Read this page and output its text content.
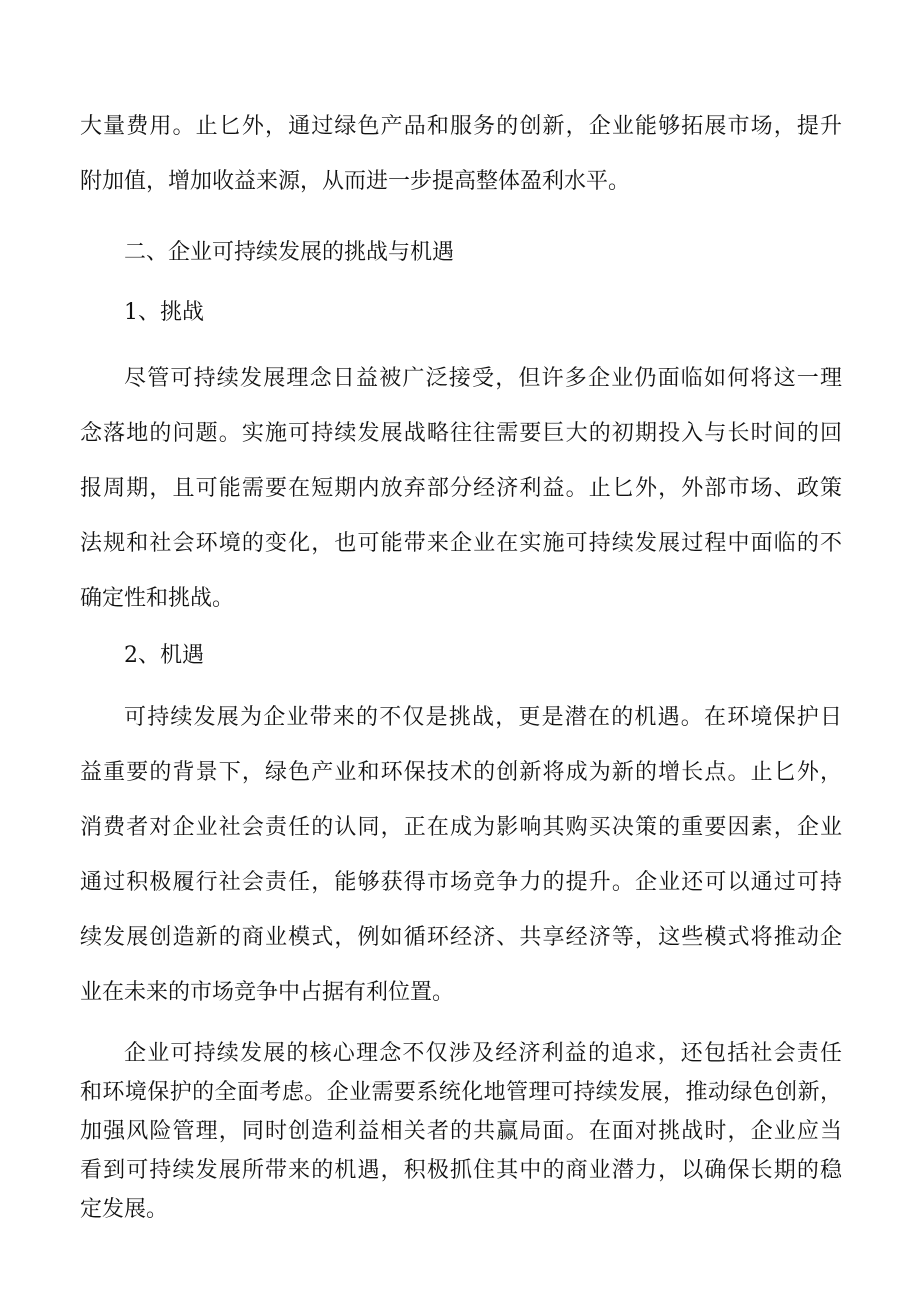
大量费用。止匕外，通过绿色产品和服务的创新，企业能够拓展市场，提升
附加值，增加收益来源，从而进一步提高整体盈利水平。
二、企业可持续发展的挑战与机遇
1、挑战
尽管可持续发展理念日益被广泛接受，但许多企业仍面临如何将这一理
念落地的问题。实施可持续发展战略往往需要巨大的初期投入与长时间的回
报周期，且可能需要在短期内放弃部分经济利益。止匕外，外部市场、政策
法规和社会环境的变化，也可能带来企业在实施可持续发展过程中面临的不
确定性和挑战。
2、机遇
可持续发展为企业带来的不仅是挑战，更是潜在的机遇。在环境保护日
益重要的背景下，绿色产业和环保技术的创新将成为新的增长点。止匕外，
消费者对企业社会责任的认同，正在成为影响其购买决策的重要因素，企业
通过积极履行社会责任，能够获得市场竞争力的提升。企业还可以通过可持
续发展创造新的商业模式，例如循环经济、共享经济等，这些模式将推动企
业在未来的市场竞争中占据有利位置。
企业可持续发展的核心理念不仅涉及经济利益的追求，还包括社会责任
和环境保护的全面考虑。企业需要系统化地管理可持续发展，推动绿色创新，
加强风险管理，同时创造利益相关者的共赢局面。在面对挑战时，企业应当
看到可持续发展所带来的机遇，积极抓住其中的商业潜力，以确保长期的稳
定发展。
